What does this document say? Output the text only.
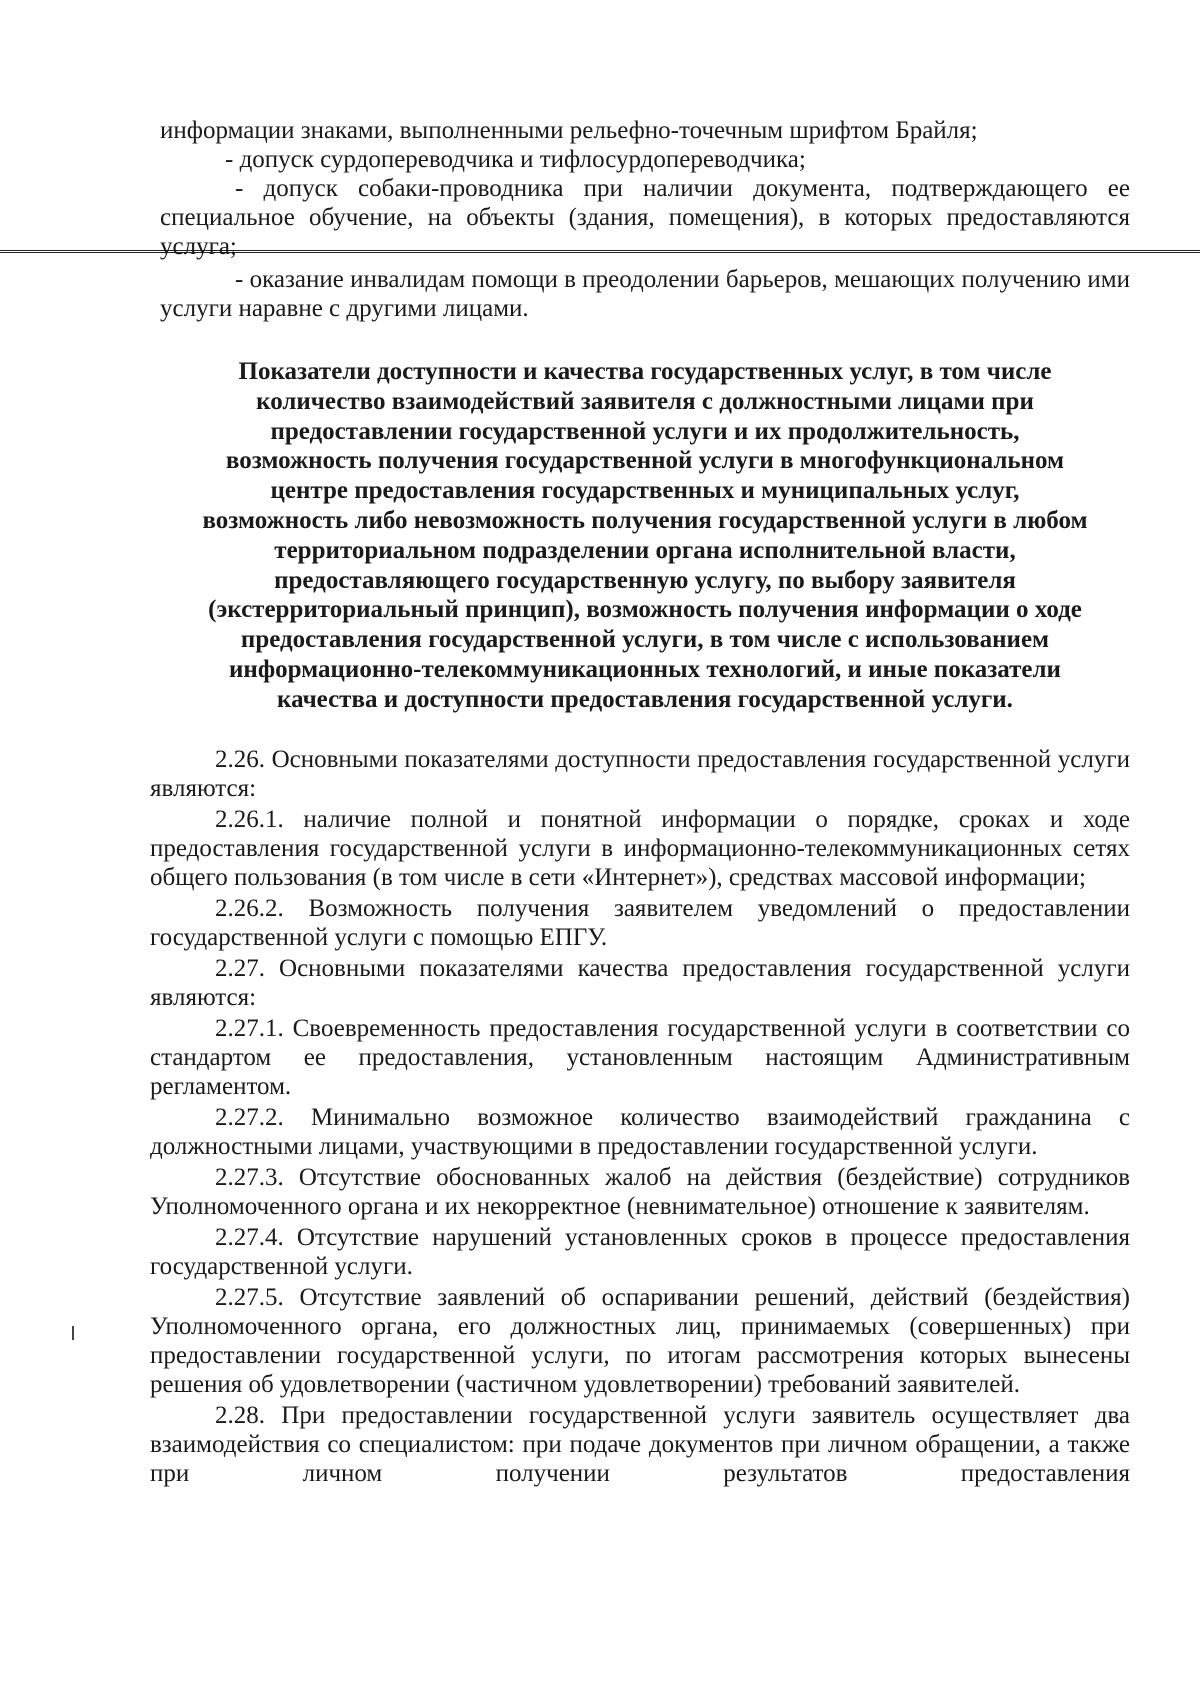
информации знаками, выполненными рельефно-точечным шрифтом Брайля;

- допуск сурдопереводчика и тифлосурдопереводчика;

- допуск собаки-проводника при наличии документа, подтверждающего ее специальное обучение, на объекты (здания, помещения), в которых предоставляются услуга;

- оказание инвалидам помощи в преодолении барьеров, мешающих получению ими услуги наравне с другими лицами.

Показатели доступности и качества государственных услуг, в том числе
количество взаимодействий заявителя с должностными лицами при
предоставлении государственной услуги и их продолжительность,
возможность получения государственной услуги в многофункциональном
центре предоставления государственных и муниципальных услуг,
возможность либо невозможность получения государственной услуги в любом
территориальном подразделении органа исполнительной власти,
предоставляющего государственную услугу, по выбору заявителя
(экстерриториальный принцип), возможность получения информации о ходе
предоставления государственной услуги, в том числе с использованием
информационно-телекоммуникационных технологий, и иные показатели
качества и доступности предоставления государственной услуги.

2.26. Основными показателями доступности предоставления государственной услуги являются:

2.26.1. наличие полной и понятной информации о порядке, сроках и ходе предоставления государственной услуги в информационно-телекоммуникационных сетях общего пользования (в том числе в сети «Интернет»), средствах массовой информации;

2.26.2. Возможность получения заявителем уведомлений о предоставлении государственной услуги с помощью ЕПГУ.

2.27. Основными показателями качества предоставления государственной услуги являются:

2.27.1. Своевременность предоставления государственной услуги в соответствии со стандартом ее предоставления, установленным настоящим Административным регламентом.

2.27.2. Минимально возможное количество взаимодействий гражданина с должностными лицами, участвующими в предоставлении государственной услуги.

2.27.3. Отсутствие обоснованных жалоб на действия (бездействие) сотрудников Уполномоченного органа и их некорректное (невнимательное) отношение к заявителям.

2.27.4. Отсутствие нарушений установленных сроков в процессе предоставления государственной услуги.

2.27.5. Отсутствие заявлений об оспаривании решений, действий (бездействия) Уполномоченного органа, его должностных лиц, принимаемых (совершенных) при предоставлении государственной услуги, по итогам рассмотрения которых вынесены решения об удовлетворении (частичном удовлетворении) требований заявителей.

2.28. При предоставлении государственной услуги заявитель осуществляет два взаимодействия со специалистом: при подаче документов при личном обращении, а также при личном получении результатов предоставления
